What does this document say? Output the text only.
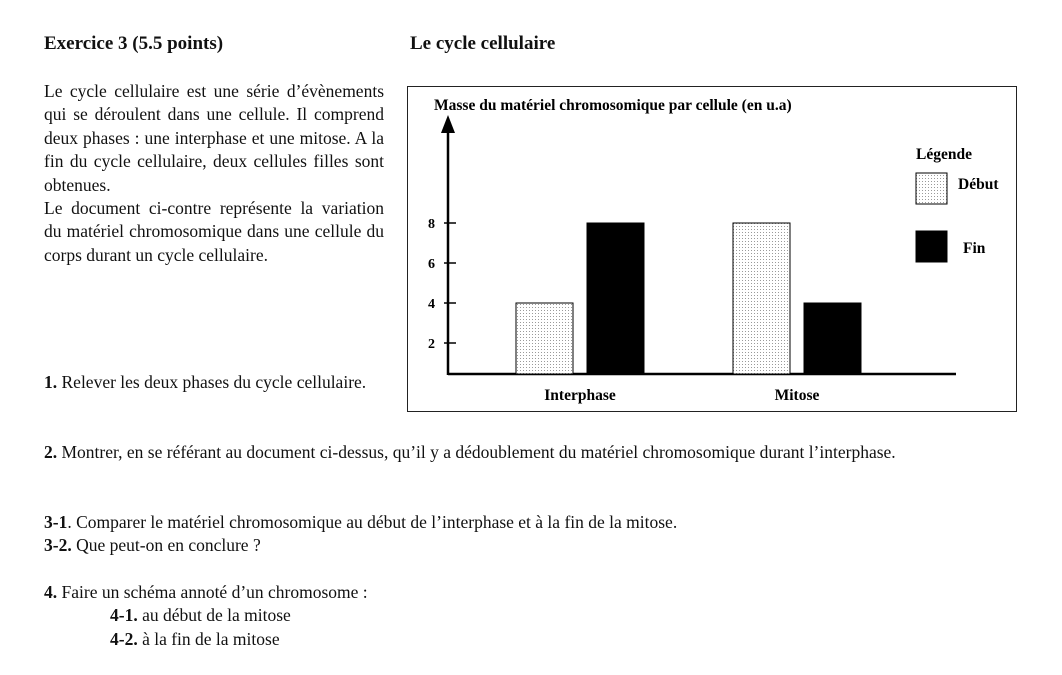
Exercice 3 (5.5 points)	Le cycle cellulaire

Le cycle cellulaire est une série d’évènements qui se déroulent dans une cellule. Il comprend deux phases : une interphase et une mitose. A la fin du cycle cellulaire, deux cellules filles sont obtenues.

Le document ci-contre représente la variation du matériel chromosomique dans une cellule du corps durant un cycle cellulaire.

1. Relever les deux phases du cycle cellulaire.

2. Montrer, en se référant au document ci-dessus, qu’il y a dédoublement du matériel chromosomique durant l’interphase.

3-1. Comparer le matériel chromosomique au début de l’interphase et à la fin de la mitose.

3-2. Que peut-on en conclure ?

4. Faire un schéma annoté d’un chromosome :

4-1. au début de la mitose

4-2. à la fin de la mitose

Masse du matériel chromosomique par cellule (en u.a)
2
4
6
8
Interphase	Mitose
Légende
Début
Fin
